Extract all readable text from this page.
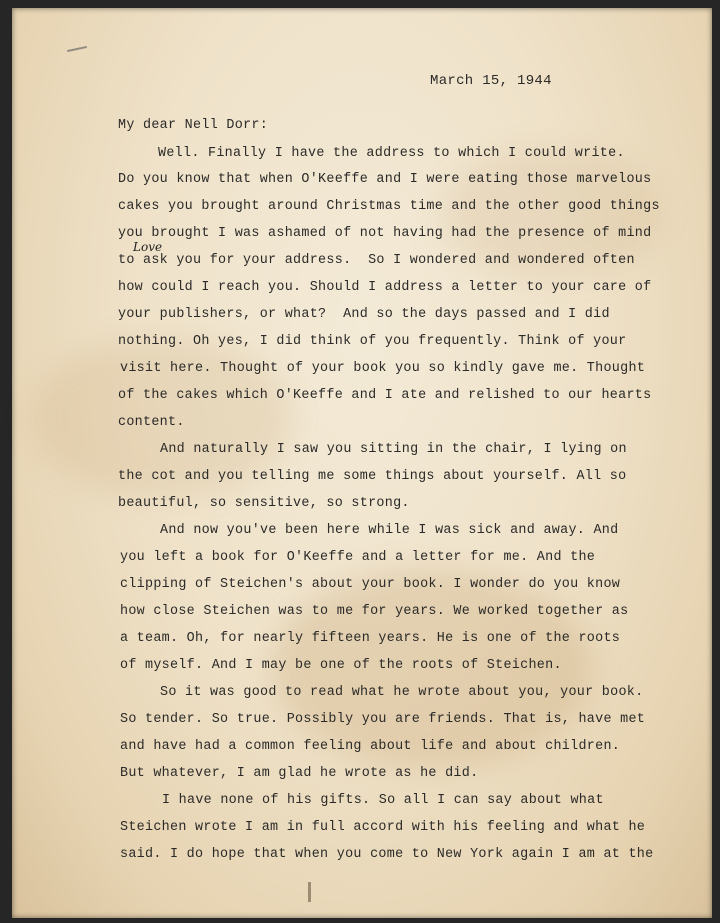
March 15, 1944
My dear Nell Dorr:
Love
Well. Finally I have the address to which I could write.
Do you know that when O'Keeffe and I were eating those marvelous
cakes you brought around Christmas time and the other good things
you brought I was ashamed of not having had the presence of mind
to ask you for your address.  So I wondered and wondered often
how could I reach you. Should I address a letter to your care of
your publishers, or what?  And so the days passed and I did
nothing. Oh yes, I did think of you frequently. Think of your
visit here. Thought of your book you so kindly gave me. Thought
of the cakes which O'Keeffe and I ate and relished to our hearts
content.
And naturally I saw you sitting in the chair, I lying on
the cot and you telling me some things about yourself. All so
beautiful, so sensitive, so strong.
And now you've been here while I was sick and away. And
you left a book for O'Keeffe and a letter for me. And the
clipping of Steichen's about your book. I wonder do you know
how close Steichen was to me for years. We worked together as
a team. Oh, for nearly fifteen years. He is one of the roots
of myself. And I may be one of the roots of Steichen.
So it was good to read what he wrote about you, your book.
So tender. So true. Possibly you are friends. That is, have met
and have had a common feeling about life and about children.
But whatever, I am glad he wrote as he did.
I have none of his gifts. So all I can say about what
Steichen wrote I am in full accord with his feeling and what he
said. I do hope that when you come to New York again I am at the
